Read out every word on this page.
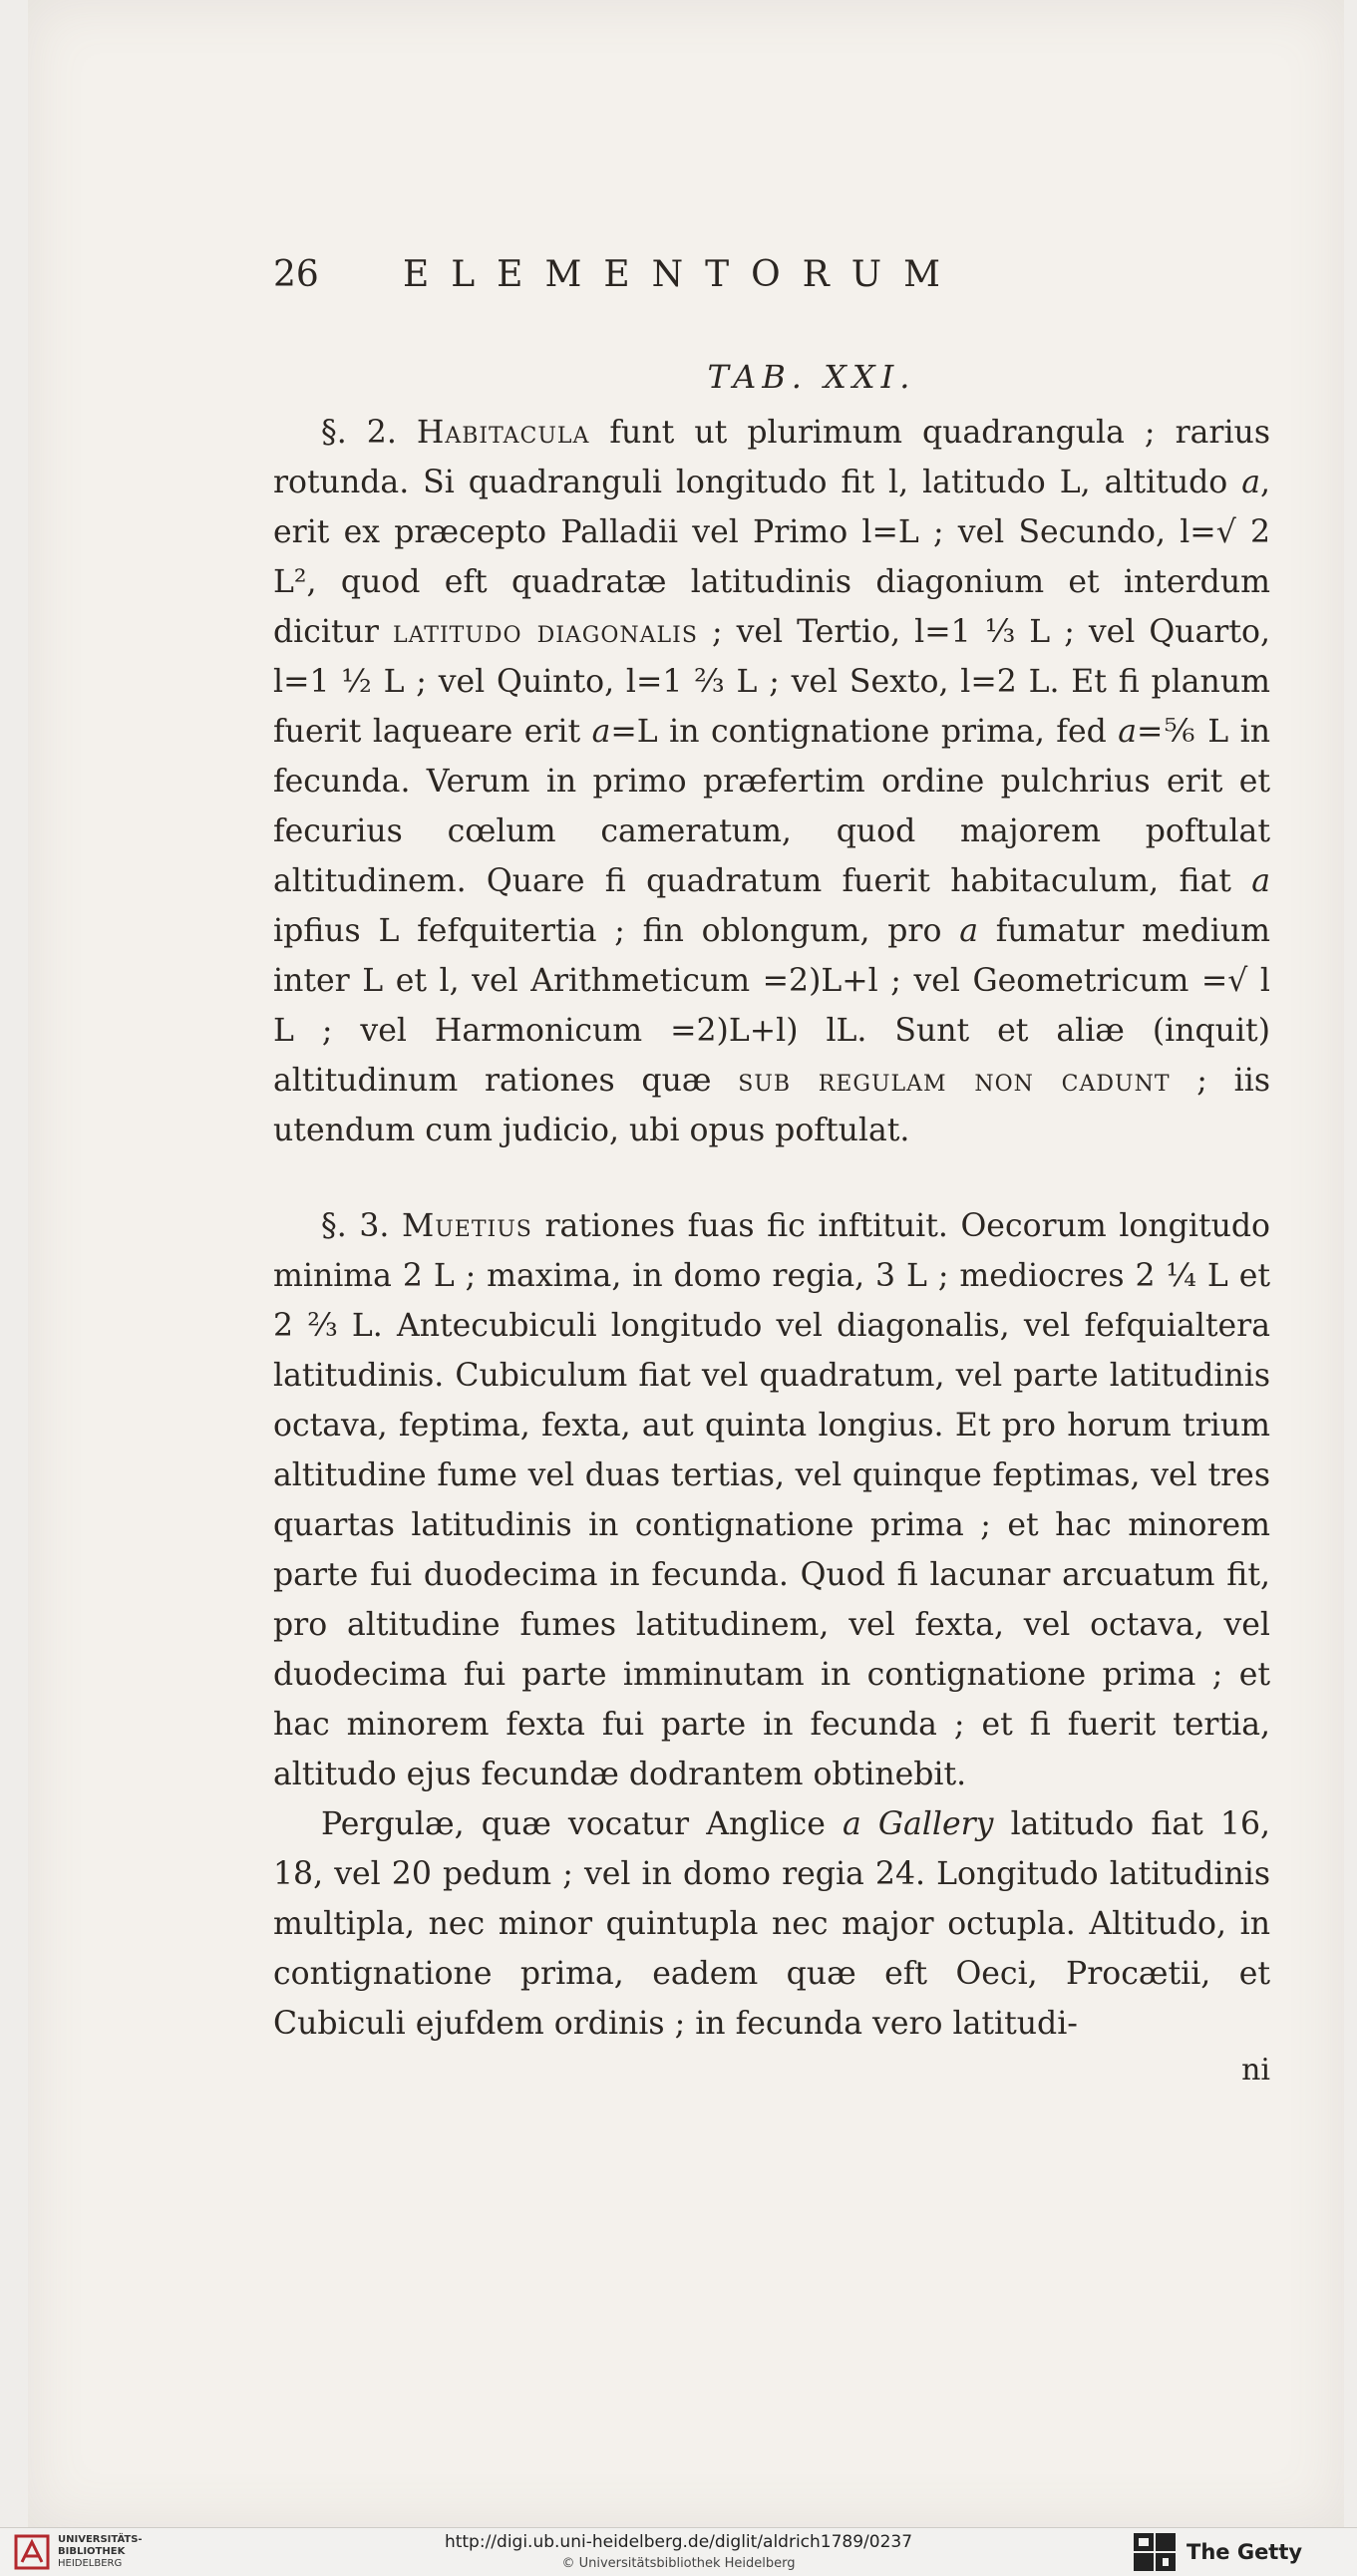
26	ELEMENTORUM
TAB. XXI.

§. 2. Habitacula funt ut plurimum quadrangula ; rarius rotunda. Si quadranguli longitudo fit l, latitudo L, altitudo a, erit ex præcepto Palladii vel Primo l=L ; vel Secundo, l=√ 2 L², quod eft quadratæ latitudinis diagonium et interdum dicitur latitudo diagonalis ; vel Tertio, l=1 ⅓ L ; vel Quarto, l=1 ½ L ; vel Quinto, l=1 ⅔ L ; vel Sexto, l=2 L. Et fi planum fuerit laqueare erit a=L in contignatione prima, fed a=⅚ L in fecunda. Verum in primo præfertim ordine pulchrius erit et fecurius cœlum cameratum, quod majorem poftulat altitudinem. Quare fi quadratum fuerit habitaculum, fiat a ipfius L fefquitertia ; fin oblongum, pro a fumatur medium inter L et l, vel Arithmeticum =2)L+l ; vel Geometricum =√ l L ; vel Harmonicum =2)L+l) lL. Sunt et aliæ (inquit) altitudinum rationes quæ sub regulam non cadunt ; iis utendum cum judicio, ubi opus poftulat.

§. 3. Muetius rationes fuas fic inftituit. Oecorum longitudo minima 2 L ; maxima, in domo regia, 3 L ; mediocres 2 ¼ L et 2 ⅔ L. Antecubiculi longitudo vel diagonalis, vel fefquialtera latitudinis. Cubiculum fiat vel quadratum, vel parte latitudinis octava, feptima, fexta, aut quinta longius. Et pro horum trium altitudine fume vel duas tertias, vel quinque feptimas, vel tres quartas latitudinis in contignatione prima ; et hac minorem parte fui duodecima in fecunda. Quod fi lacunar arcuatum fit, pro altitudine fumes latitudinem, vel fexta, vel octava, vel duodecima fui parte imminutam in contignatione prima ; et hac minorem fexta fui parte in fecunda ; et fi fuerit tertia, altitudo ejus fecundæ dodrantem obtinebit.

Pergulæ, quæ vocatur Anglice a Gallery latitudo fiat 16, 18, vel 20 pedum ; vel in domo regia 24. Longitudo latitudinis multipla, nec minor quintupla nec major octupla. Altitudo, in contignatione prima, eadem quæ eft Oeci, Procætii, et Cubiculi ejufdem ordinis ; in fecunda vero latitudi-

ni
UNIVERSITÄTS-
BIBLIOTHEK
HEIDELBERG
http://digi.ub.uni-heidelberg.de/diglit/aldrich1789/0237
© Universitätsbibliothek Heidelberg	The Getty
